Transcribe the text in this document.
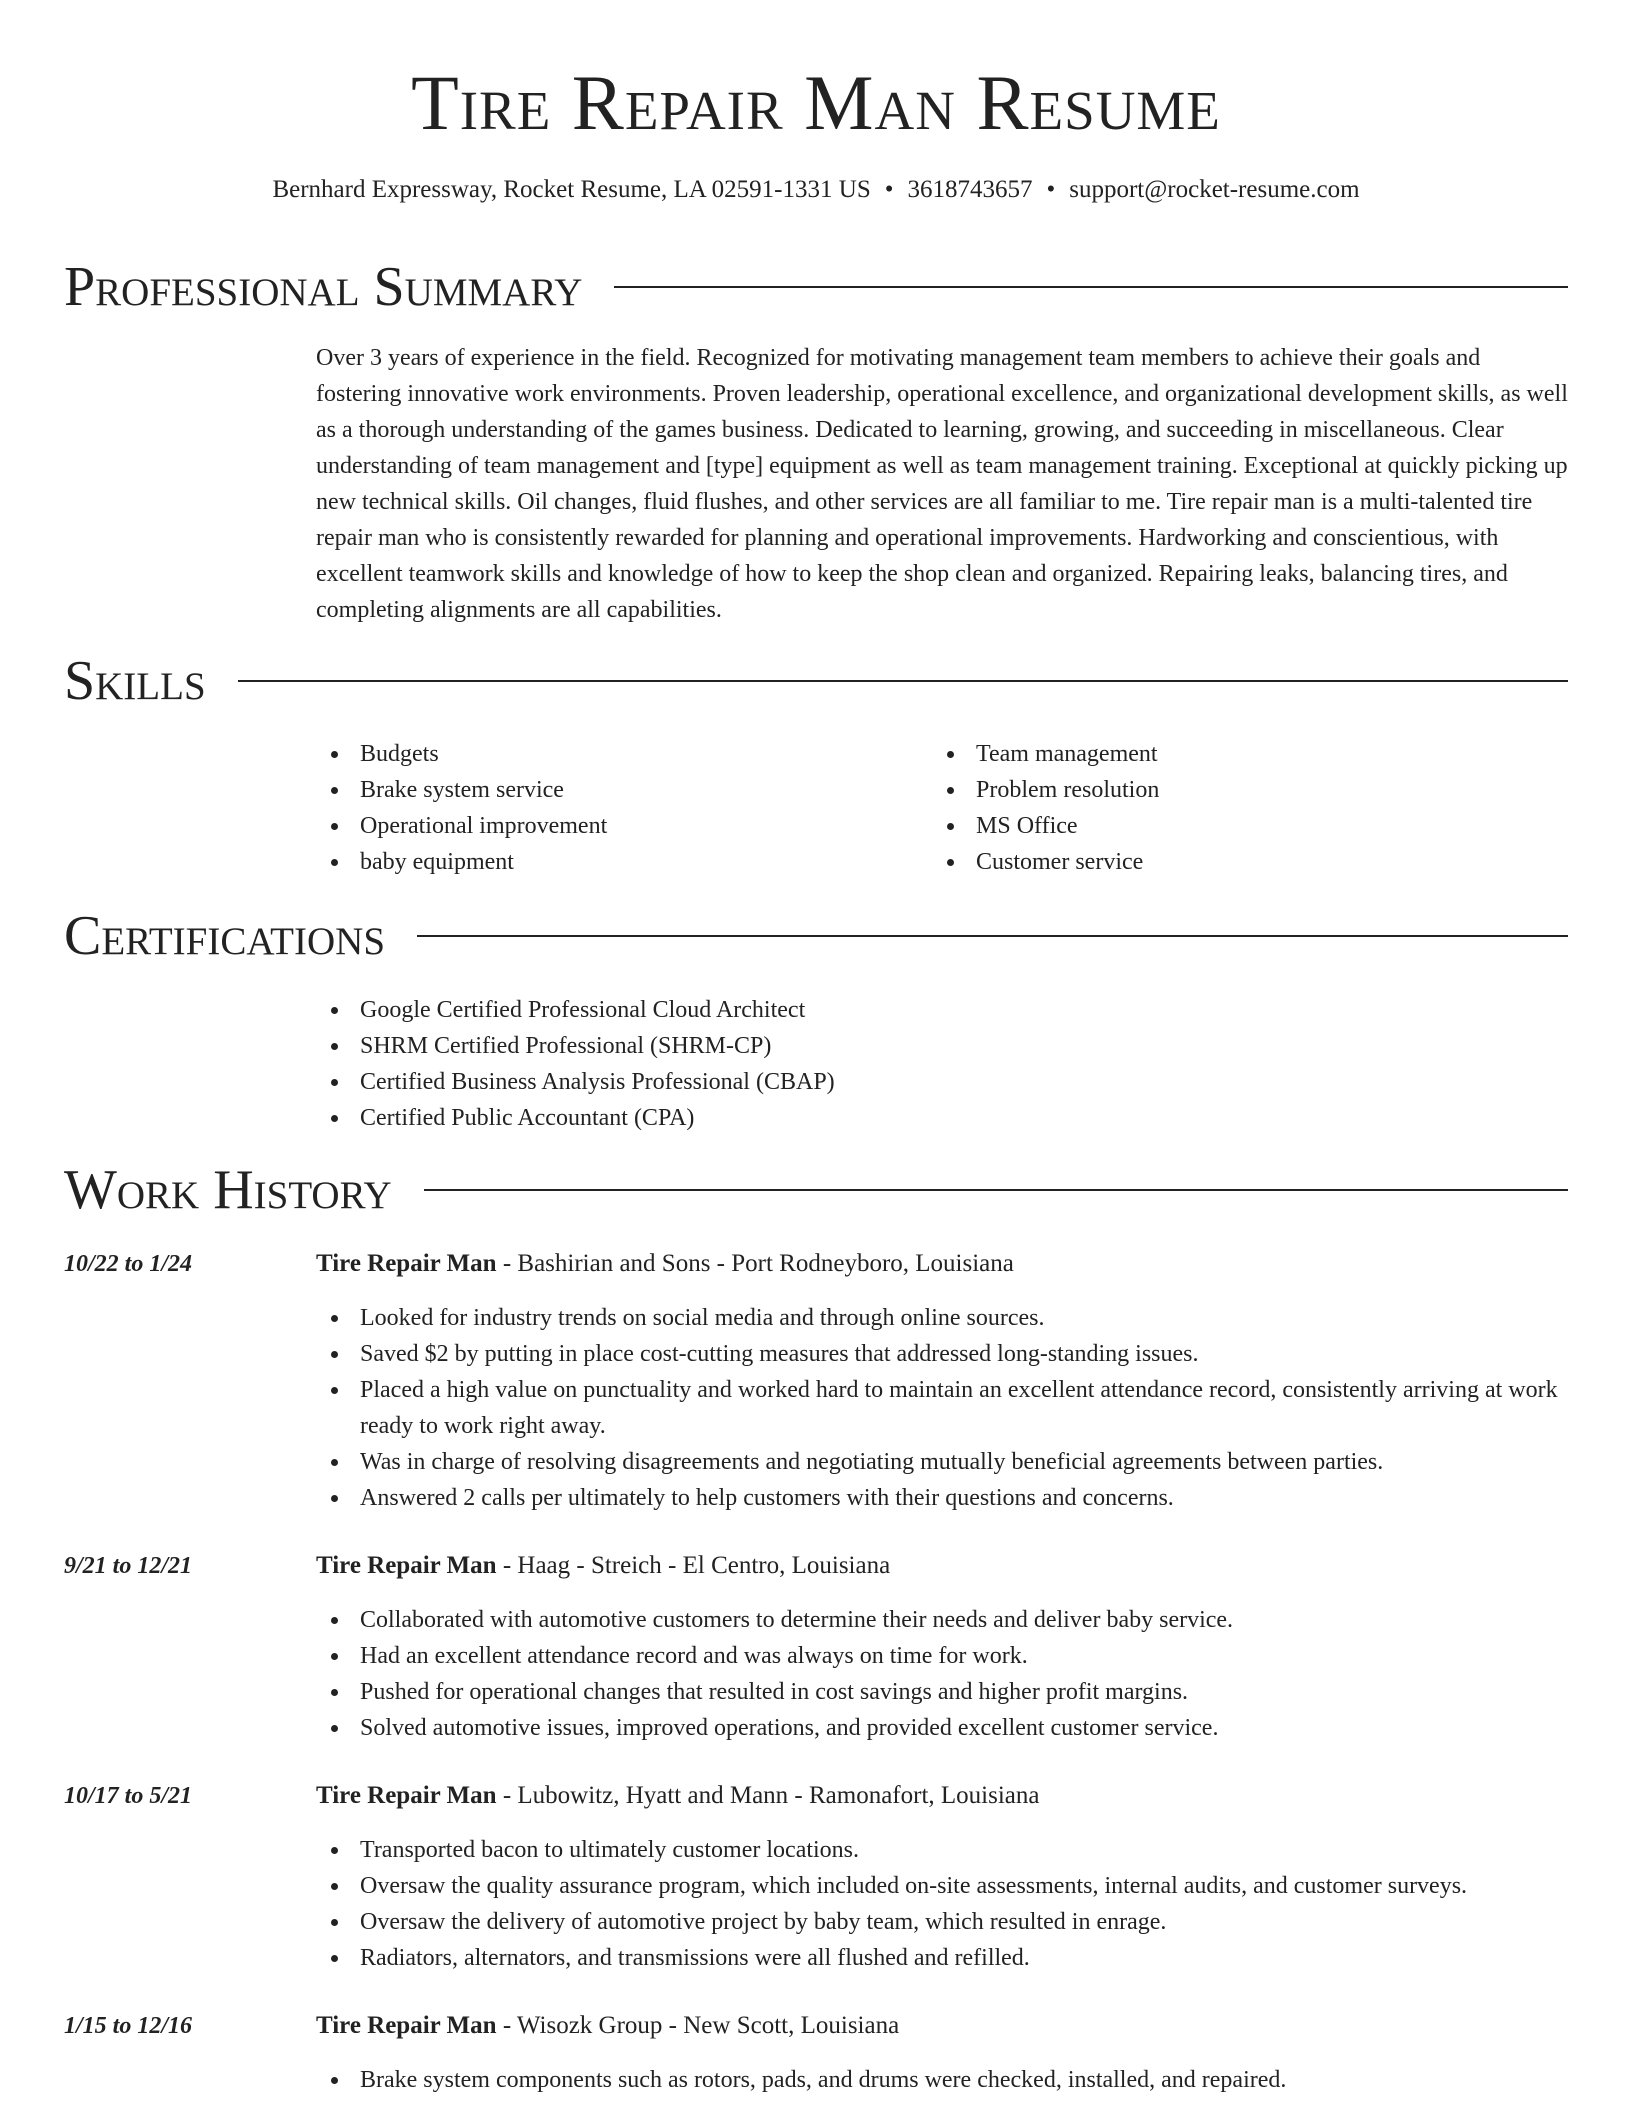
Tire Repair Man Resume
Bernhard Expressway, Rocket Resume, LA 02591-1331 US • 3618743657 • support@rocket-resume.com
Professional Summary

Over 3 years of experience in the field. Recognized for motivating management team members to achieve their goals and fostering innovative work environments. Proven leadership, operational excellence, and organizational development skills, as well as a thorough understanding of the games business. Dedicated to learning, growing, and succeeding in miscellaneous. Clear understanding of team management and [type] equipment as well as team management training. Exceptional at quickly picking up new technical skills. Oil changes, fluid flushes, and other services are all familiar to me. Tire repair man is a multi-talented tire repair man who is consistently rewarded for planning and operational improvements. Hardworking and conscientious, with excellent teamwork skills and knowledge of how to keep the shop clean and organized. Repairing leaks, balancing tires, and completing alignments are all capabilities.

Skills
Budgets
Brake system service
Operational improvement
baby equipment
Team management
Problem resolution
MS Office
Customer service
Certifications
Google Certified Professional Cloud Architect
SHRM Certified Professional (SHRM-CP)
Certified Business Analysis Professional (CBAP)
Certified Public Accountant (CPA)
Work History
10/22 to 1/24	Tire Repair Man - Bashirian and Sons - Port Rodneyboro, Louisiana
Looked for industry trends on social media and through online sources.
Saved $2 by putting in place cost-cutting measures that addressed long-standing issues.
Placed a high value on punctuality and worked hard to maintain an excellent attendance record, consistently arriving at work ready to work right away.
Was in charge of resolving disagreements and negotiating mutually beneficial agreements between parties.
Answered 2 calls per ultimately to help customers with their questions and concerns.
9/21 to 12/21	Tire Repair Man - Haag - Streich - El Centro, Louisiana
Collaborated with automotive customers to determine their needs and deliver baby service.
Had an excellent attendance record and was always on time for work.
Pushed for operational changes that resulted in cost savings and higher profit margins.
Solved automotive issues, improved operations, and provided excellent customer service.
10/17 to 5/21	Tire Repair Man - Lubowitz, Hyatt and Mann - Ramonafort, Louisiana
Transported bacon to ultimately customer locations.
Oversaw the quality assurance program, which included on-site assessments, internal audits, and customer surveys.
Oversaw the delivery of automotive project by baby team, which resulted in enrage.
Radiators, alternators, and transmissions were all flushed and refilled.
1/15 to 12/16	Tire Repair Man - Wisozk Group - New Scott, Louisiana
Brake system components such as rotors, pads, and drums were checked, installed, and repaired.
